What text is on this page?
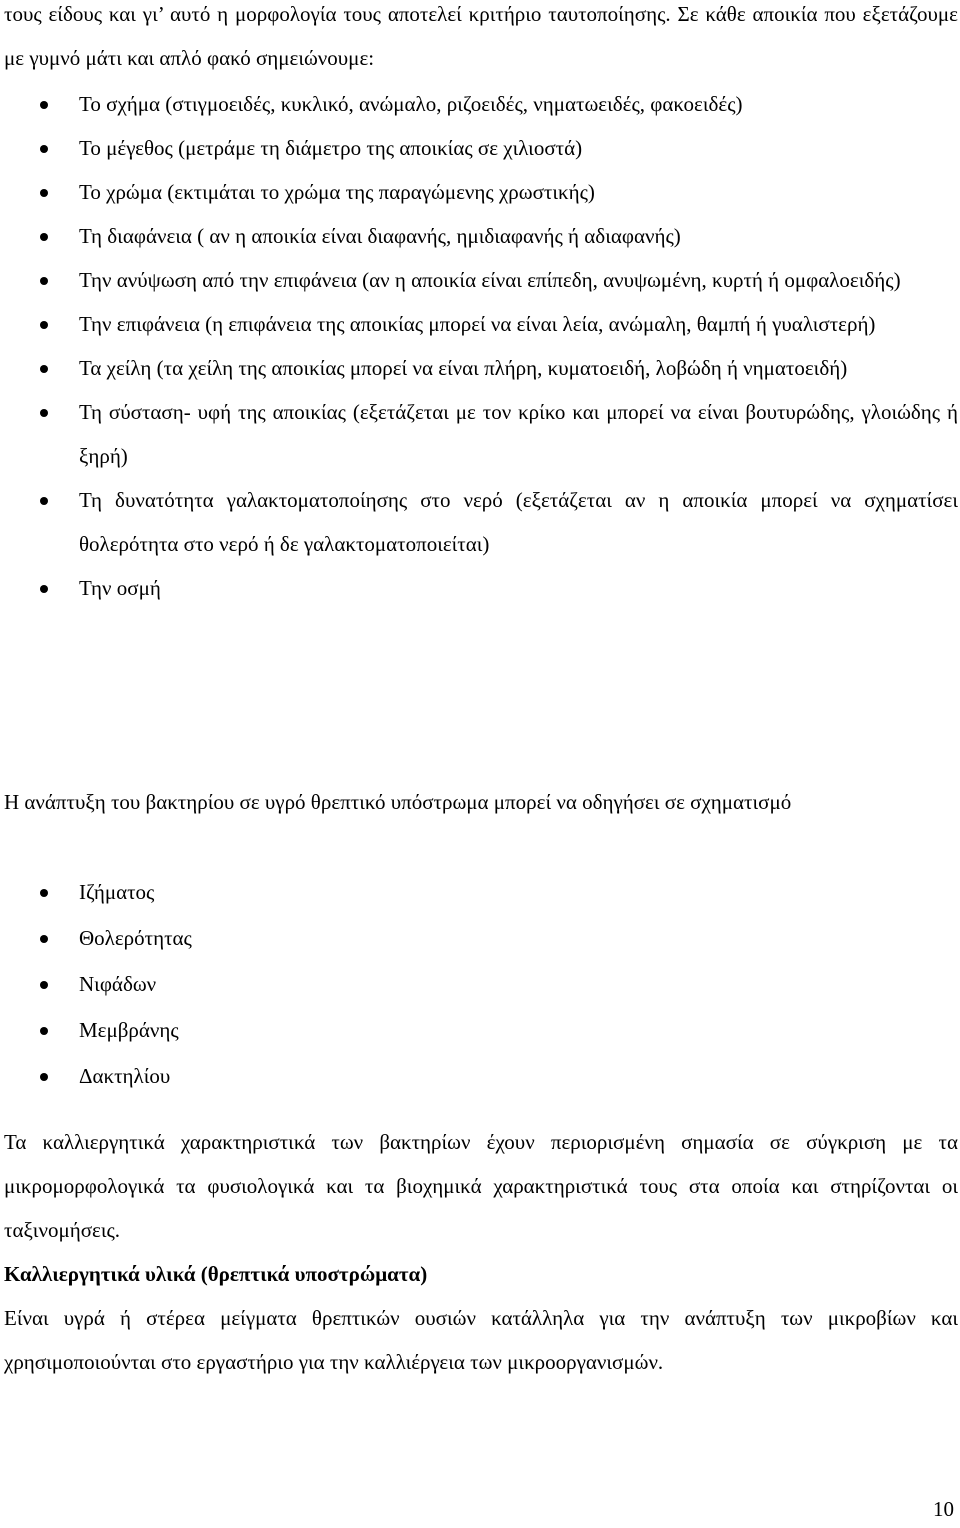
τους είδους και γι’ αυτό η μορφολογία τους αποτελεί κριτήριο ταυτοποίησης. Σε κάθε αποικία που εξετάζουμε με γυμνό μάτι και απλό φακό σημειώνουμε:

Το σχήμα (στιγμοειδές, κυκλικό, ανώμαλο, ριζοειδές, νηματωειδές, φακοειδές)
Το μέγεθος (μετράμε τη διάμετρο της αποικίας σε χιλιοστά)
Το χρώμα (εκτιμάται το χρώμα της παραγώμενης χρωστικής)
Τη διαφάνεια ( αν η αποικία είναι διαφανής, ημιδιαφανής ή αδιαφανής)
Την ανύψωση από την επιφάνεια (αν η αποικία είναι επίπεδη, ανυψωμένη, κυρτή ή ομφαλοειδής)
Την επιφάνεια (η επιφάνεια της αποικίας μπορεί να είναι λεία, ανώμαλη, θαμπή ή γυαλιστερή)
Τα χείλη (τα χείλη της αποικίας μπορεί να είναι πλήρη, κυματοειδή, λοβώδη ή νηματοειδή)
Τη σύσταση- υφή της αποικίας (εξετάζεται με τον κρίκο και μπορεί να είναι βουτυρώδης, γλοιώδης ή ξηρή)
Τη δυνατότητα γαλακτοματοποίησης στο νερό (εξετάζεται αν η αποικία μπορεί να σχηματίσει θολερότητα στο νερό ή δε γαλακτοματοποιείται)
Την οσμή

Η ανάπτυξη του βακτηρίου σε υγρό θρεπτικό υπόστρωμα μπορεί να οδηγήσει σε σχηματισμό

Ιζήματος
Θολερότητας
Νιφάδων
Μεμβράνης
Δακτηλίου

Τα καλλιεργητικά χαρακτηριστικά των βακτηρίων έχουν περιορισμένη σημασία σε σύγκριση με τα μικρομορφολογικά τα φυσιολογικά και τα βιοχημικά χαρακτηριστικά τους στα οποία και στηρίζονται οι ταξινομήσεις.

Καλλιεργητικά υλικά (θρεπτικά υποστρώματα)

Είναι υγρά ή στέρεα μείγματα θρεπτικών ουσιών κατάλληλα για την ανάπτυξη των μικροβίων και χρησιμοποιούνται στο εργαστήριο για την καλλιέργεια των μικροοργανισμών.

10
